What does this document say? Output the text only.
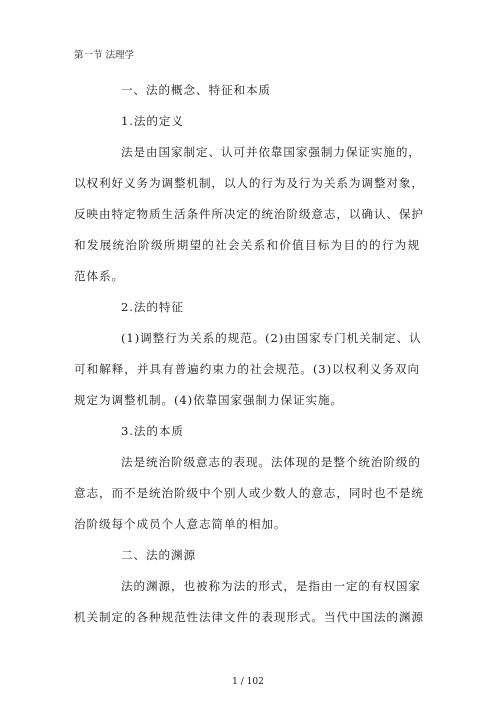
第一节 法理学
一、法的概念、特征和本质
1.法的定义
法是由国家制定、认可并依靠国家强制力保证实施的，
以权利好义务为调整机制，以人的行为及行为关系为调整对象，
反映由特定物质生活条件所决定的统治阶级意志，以确认、保护
和发展统治阶级所期望的社会关系和价值目标为目的的行为规
范体系。
2.法的特征
(1)调整行为关系的规范。(2)由国家专门机关制定、认
可和解释，并具有普遍约束力的社会规范。(3)以权利义务双向
规定为调整机制。(4)依靠国家强制力保证实施。
3.法的本质
法是统治阶级意志的表现。法体现的是整个统治阶级的
意志，而不是统治阶级中个别人或少数人的意志，同时也不是统
治阶级每个成员个人意志简单的相加。
二、法的渊源
法的渊源，也被称为法的形式，是指由一定的有权国家
机关制定的各种规范性法律文件的表现形式。当代中国法的渊源
1 / 102
